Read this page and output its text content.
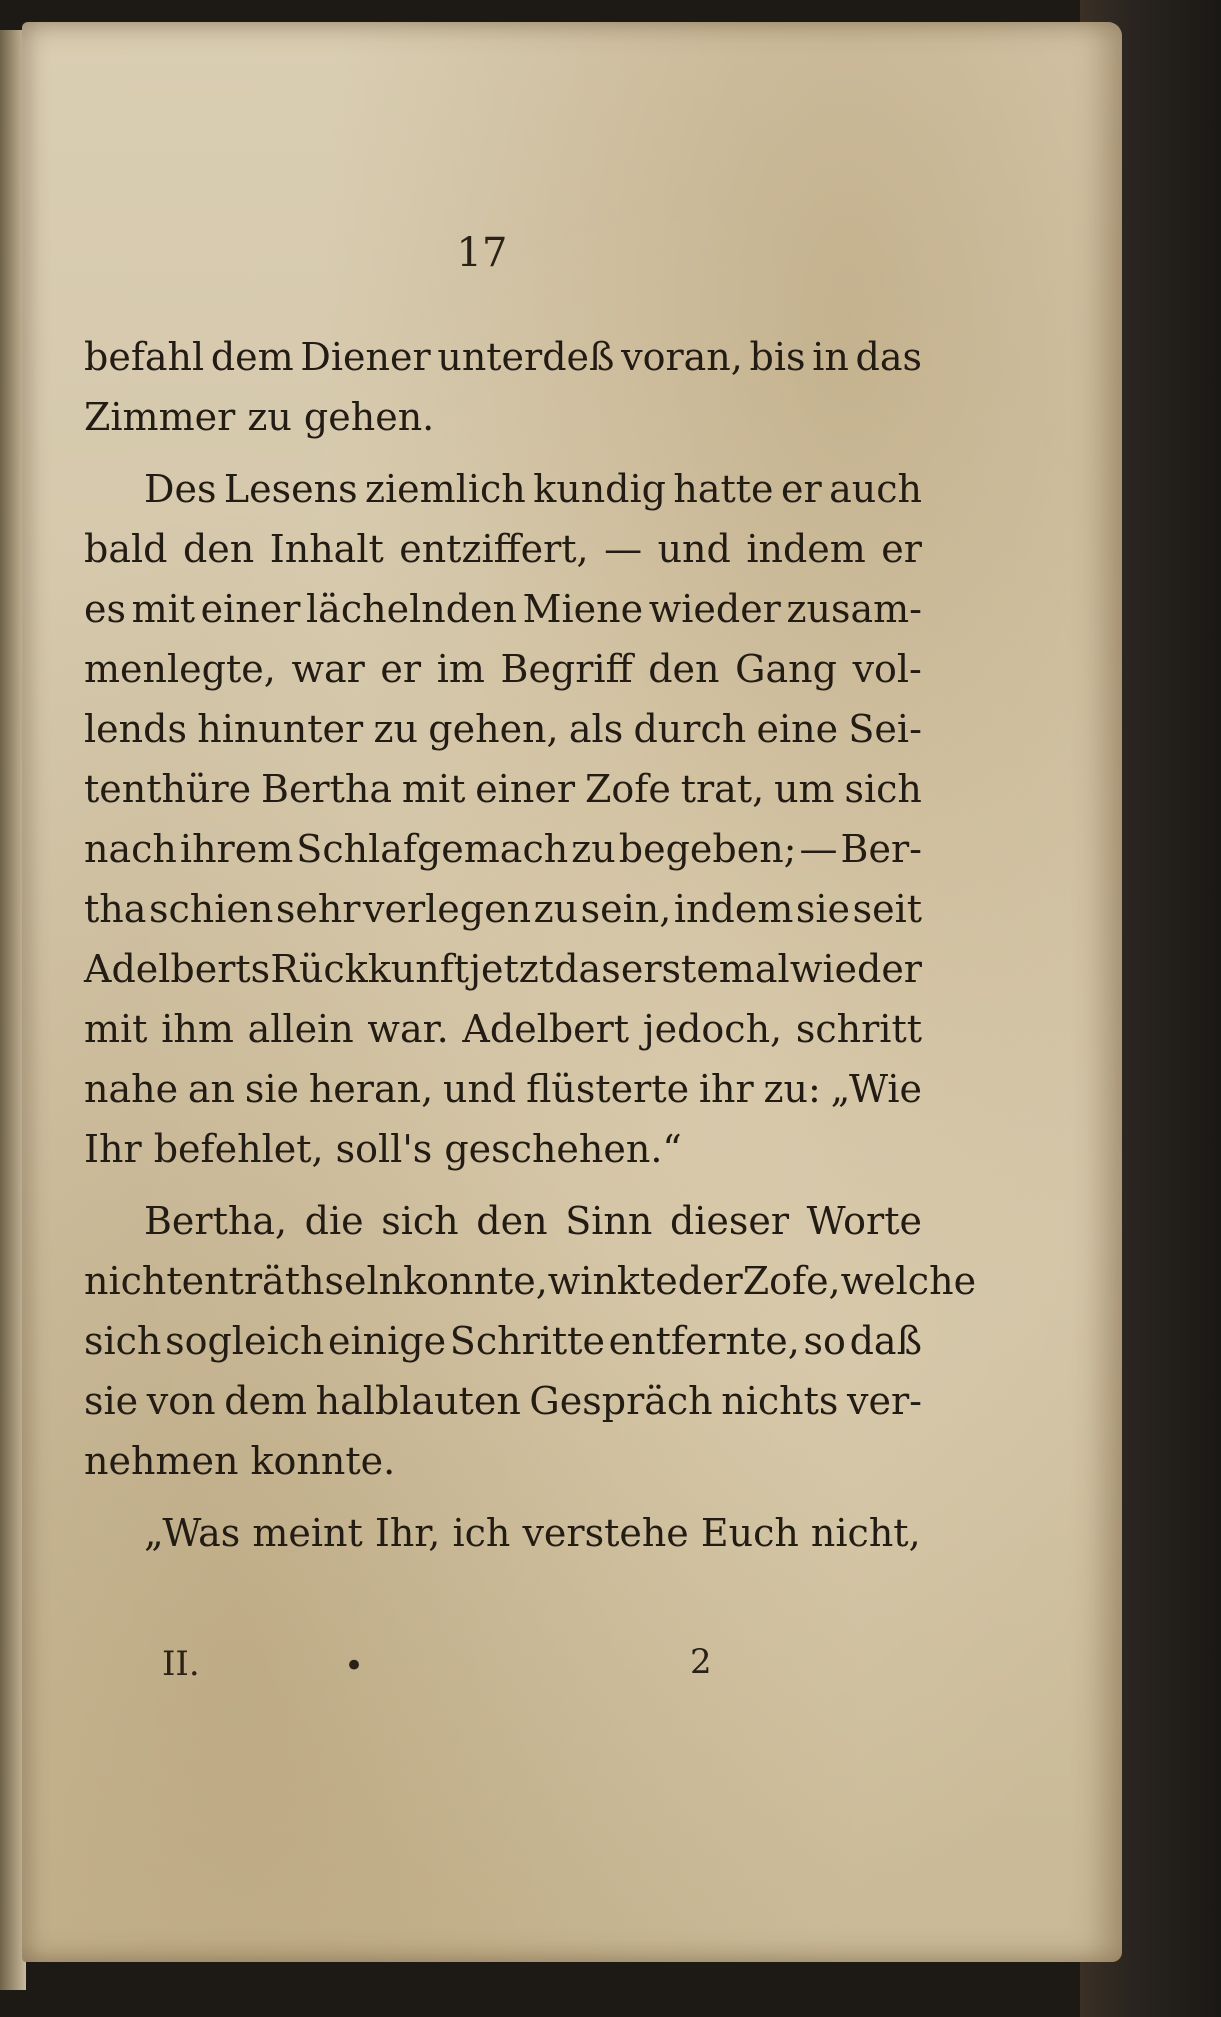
17
befahl dem Diener unterdeß voran, bis in das
Zimmer zu gehen.
Des Lesens ziemlich kundig hatte er auch
bald den Inhalt entziffert, — und indem er
es mit einer lächelnden Miene wieder zusam-
menlegte, war er im Begriff den Gang vol-
lends hinunter zu gehen, als durch eine Sei-
tenthüre Bertha mit einer Zofe trat, um sich
nach ihrem Schlafgemach zu begeben; — Ber-
tha schien sehr verlegen zu sein, indem sie seit
Adelberts Rückkunft jetzt das erstemal wieder
mit ihm allein war. Adelbert jedoch, schritt
nahe an sie heran, und flüsterte ihr zu: „Wie
Ihr befehlet, soll's geschehen.“
Bertha, die sich den Sinn dieser Worte
nicht enträthseln konnte, winkte der Zofe, welche
sich sogleich einige Schritte entfernte, so daß
sie von dem halblauten Gespräch nichts ver-
nehmen konnte.
„Was meint Ihr, ich verstehe Euch nicht,
II.	•	2
